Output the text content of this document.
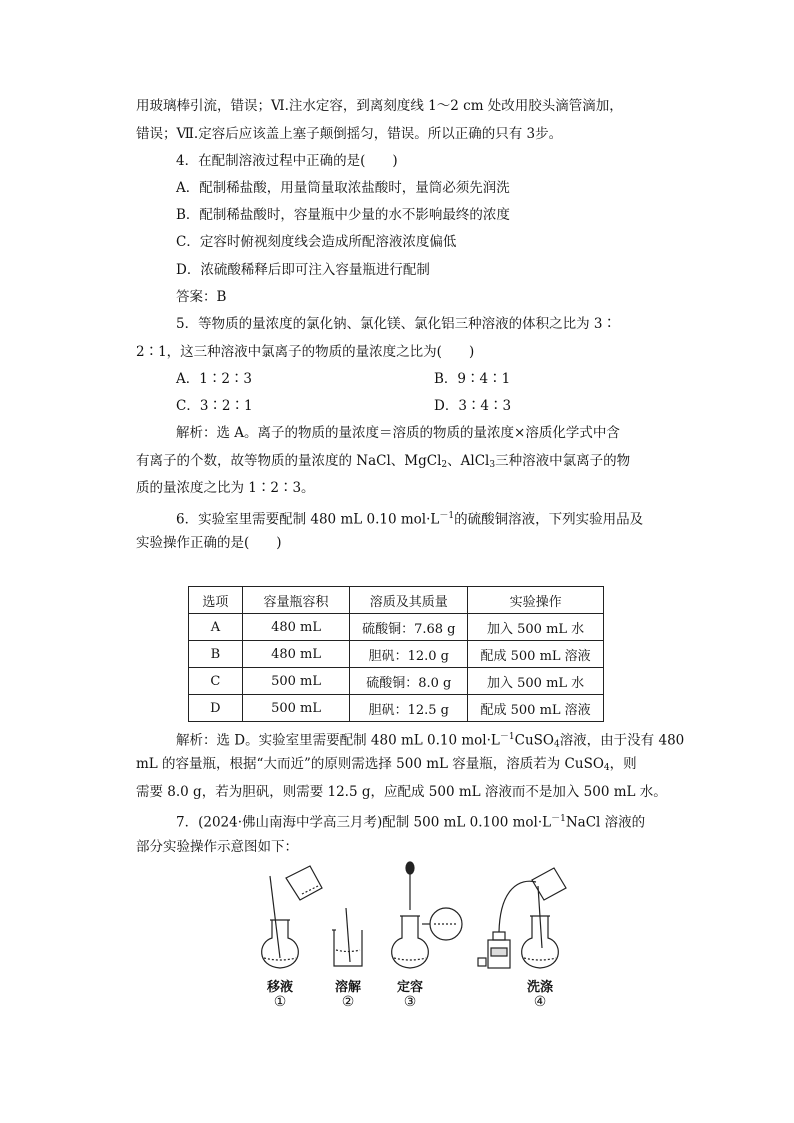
用玻璃棒引流，错误；Ⅵ.注水定容，到离刻度线 1～2 cm 处改用胶头滴管滴加，
错误；Ⅶ.定容后应该盖上塞子颠倒摇匀，错误。所以正确的只有 3步。
4．在配制溶液过程中正确的是(　　)
A．配制稀盐酸，用量筒量取浓盐酸时，量筒必须先润洗
B．配制稀盐酸时，容量瓶中少量的水不影响最终的浓度
C．定容时俯视刻度线会造成所配溶液浓度偏低
D．浓硫酸稀释后即可注入容量瓶进行配制
答案：B
5．等物质的量浓度的氯化钠、氯化镁、氯化铝三种溶液的体积之比为 3∶
2∶1，这三种溶液中氯离子的物质的量浓度之比为(　　)
A．1∶2∶3	B．9∶4∶1
C．3∶2∶1	D．3∶4∶3
解析：选 A。离子的物质的量浓度＝溶质的物质的量浓度×溶质化学式中含
有离子的个数，故等物质的量浓度的 NaCl、MgCl$_2$、AlCl$_3$三种溶液中氯离子的物
质的量浓度之比为 1∶2∶3。
6．实验室里需要配制 480 mL 0.10 $mol\cdot L^{-1}$的硫酸铜溶液，下列实验用品及
实验操作正确的是(　　)
选项	容量瓶容积	溶质及其质量	实验操作
A	480 mL	硫酸铜：7.68 g	加入 500 mL 水
B	480 mL	胆矾：12.0 g	配成 500 mL 溶液
C	500 mL	硫酸铜：8.0 g	加入 500 mL 水
D	500 mL	胆矾：12.5 g	配成 500 mL 溶液
解析：选 D。实验室里需要配制 480 mL 0.10 $mol\cdot L^{-1}CuSO_4$溶液，由于没有 480
mL 的容量瓶，根据“大而近”的原则需选择 500 mL 容量瓶，溶质若为 CuSO$_4$，则
需要 8.0 g，若为胆矾，则需要 12.5 g，应配成 500 mL 溶液而不是加入 500 mL 水。
7．(2024·佛山南海中学高三月考)配制 500 mL 0.100 $mol\cdot L^{-1}NaCl$ 溶液的
部分实验操作示意图如下：
移液	溶解	定容	洗涤
①	②	③	④
